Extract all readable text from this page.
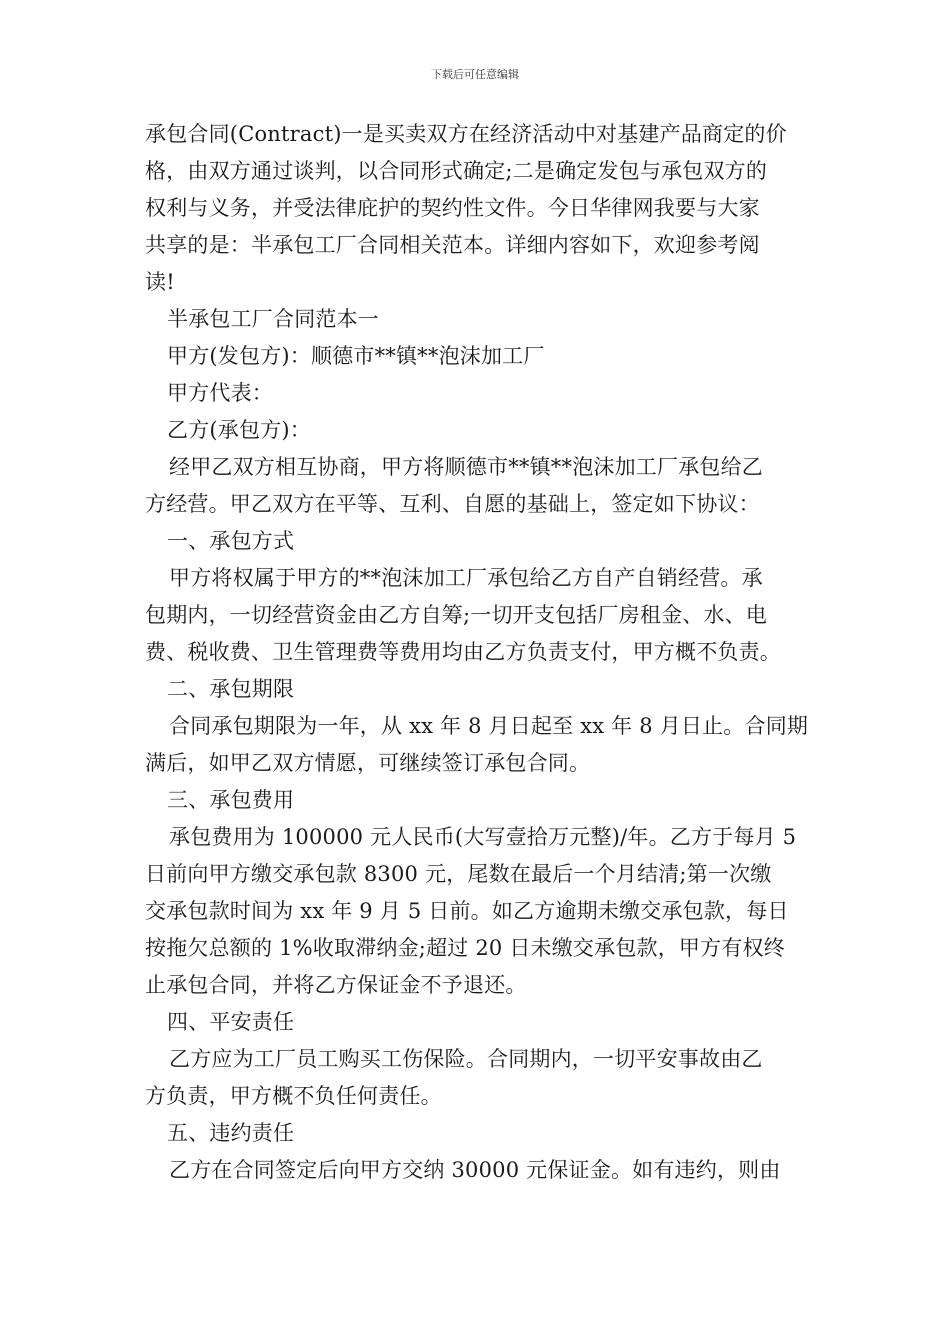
下载后可任意编辑
承包合同(Contract)一是买卖双方在经济活动中对基建产品商定的价
格，由双方通过谈判，以合同形式确定;二是确定发包与承包双方的
权利与义务，并受法律庇护的契约性文件。今日华律网我要与大家
共享的是：半承包工厂合同相关范本。详细内容如下，欢迎参考阅
读!
半承包工厂合同范本一
甲方(发包方)：顺德市**镇**泡沫加工厂
甲方代表：
乙方(承包方)：
经甲乙双方相互协商，甲方将顺德市**镇**泡沫加工厂承包给乙
方经营。甲乙双方在平等、互利、自愿的基础上，签定如下协议：
一、承包方式
甲方将权属于甲方的**泡沫加工厂承包给乙方自产自销经营。承
包期内，一切经营资金由乙方自筹;一切开支包括厂房租金、水、电
费、税收费、卫生管理费等费用均由乙方负责支付，甲方概不负责。
二、承包期限
合同承包期限为一年，从 xx 年 8 月日起至 xx 年 8 月日止。合同期
满后，如甲乙双方情愿，可继续签订承包合同。
三、承包费用
承包费用为 100000 元人民币(大写壹拾万元整)/年。乙方于每月 5
日前向甲方缴交承包款 8300 元，尾数在最后一个月结清;第一次缴
交承包款时间为 xx 年 9 月 5 日前。如乙方逾期未缴交承包款，每日
按拖欠总额的 1%收取滞纳金;超过 20 日未缴交承包款，甲方有权终
止承包合同，并将乙方保证金不予退还。
四、平安责任
乙方应为工厂员工购买工伤保险。合同期内，一切平安事故由乙
方负责，甲方概不负任何责任。
五、违约责任
乙方在合同签定后向甲方交纳 30000 元保证金。如有违约，则由
